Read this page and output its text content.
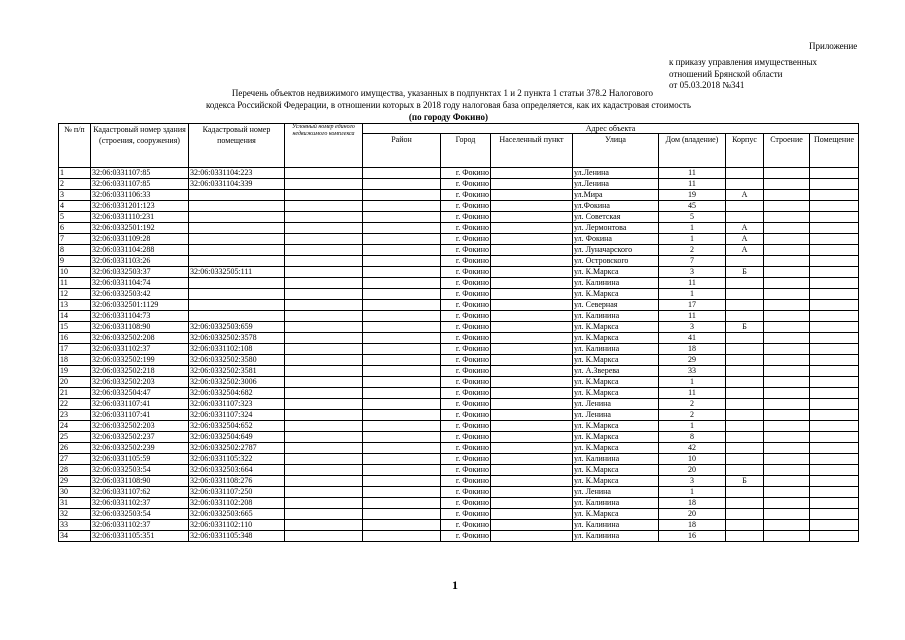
Приложение
к приказу управления имущественных
отношений Брянской области
от 05.03.2018 №341
Перечень объектов недвижимого имущества, указанных в подпунктах 1 и 2 пункта 1 статьи 378.2 Налогового
кодекса Российской Федерации, в отношении которых в 2018 году налоговая база определяется, как их кадастровая стоимость
(по городу Фокино)
№ п/п	Кадастровый номер здания (строения, сооружения)	Кадастровый номер помещения	Условный номер единого недвижимого комплекса	Адрес объекта							
				Район	Город	Населенный пункт	Улица	Дом (владение)	Корпус	Строение	Помещение
1	32:06:0331107:85	32:06:0331104:223			г. Фокино		ул.Ленина	11			
2	32:06:0331107:85	32:06:0331104:339			г. Фокино		ул.Ленина	11			
3	32:06:0331106:33				г. Фокино		ул.Мира	19	А		
4	32:06:0331201:123				г. Фокино		ул.Фокина	45			
5	32:06:0331110:231				г. Фокино		ул. Советская	5			
6	32:06:0332501:192				г. Фокино		ул. Лермонтова	1	А		
7	32:06:0331109:28				г. Фокино		ул. Фокина	1	А		
8	32:06:0331104:288				г. Фокино		ул. Луначарского	2	А		
9	32:06:0331103:26				г. Фокино		ул. Островского	7			
10	32:06:0332503:37	32:06:0332505:111			г. Фокино		ул. К.Маркса	3	Б		
11	32:06:0331104:74				г. Фокино		ул. Калинина	11			
12	32:06:0332503:42				г. Фокино		ул. К.Маркса	1			
13	32:06:0332501:1129				г. Фокино		ул. Северная	17			
14	32:06:0331104:73				г. Фокино		ул. Калинина	11			
15	32:06:0331108:90	32:06:0332503:659			г. Фокино		ул. К.Маркса	3	Б		
16	32:06:0332502:208	32:06:0332502:3578			г. Фокино		ул. К.Маркса	41			
17	32:06:0331102:37	32:06:0331102:108			г. Фокино		ул. Калинина	18			
18	32:06:0332502:199	32:06:0332502:3580			г. Фокино		ул. К.Маркса	29			
19	32:06:0332502:218	32:06:0332502:3581			г. Фокино		ул. А.Зверева	33			
20	32:06:0332502:203	32:06:0332502:3006			г. Фокино		ул. К.Маркса	1			
21	32:06:0332504:47	32:06:0332504:682			г. Фокино		ул. К.Маркса	11			
22	32:06:0331107:41	32:06:0331107:323			г. Фокино		ул. Ленина	2			
23	32:06:0331107:41	32:06:0331107:324			г. Фокино		ул. Ленина	2			
24	32:06:0332502:203	32:06:0332504:652			г. Фокино		ул. К.Маркса	1			
25	32:06:0332502:237	32:06:0332504:649			г. Фокино		ул. К.Маркса	8			
26	32:06:0332502:239	32:06:0332502:2787			г. Фокино		ул. К.Маркса	42			
27	32:06:0331105:59	32:06:0331105:322			г. Фокино		ул. Калинина	10			
28	32:06:0332503:54	32:06:0332503:664			г. Фокино		ул. К.Маркса	20			
29	32:06:0331108:90	32:06:0331108:276			г. Фокино		ул. К.Маркса	3	Б		
30	32:06:0331107:62	32:06:0331107:250			г. Фокино		ул. Ленина	1			
31	32:06:0331102:37	32:06:0331102:208			г. Фокино		ул. Калинина	18			
32	32:06:0332503:54	32:06:0332503:665			г. Фокино		ул. К.Маркса	20			
33	32:06:0331102:37	32:06:0331102:110			г. Фокино		ул. Калинина	18			
34	32:06:0331105:351	32:06:0331105:348			г. Фокино		ул. Калинина	16			
1
